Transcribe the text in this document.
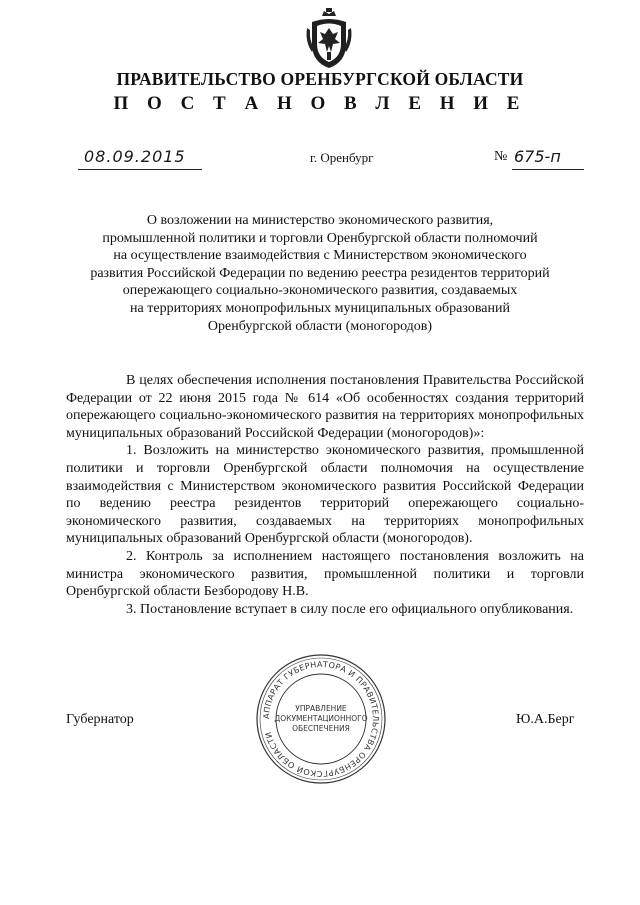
ПРАВИТЕЛЬСТВО ОРЕНБУРГСКОЙ ОБЛАСТИ
П О С Т А Н О В Л Е Н И Е
08.09.2015	г. Оренбург	№ 675-п
О возложении на министерство экономического развития,
промышленной политики и торговли Оренбургской области полномочий
на осуществление взаимодействия с Министерством экономического
развития Российской Федерации по ведению реестра резидентов территорий
опережающего социально-экономического развития, создаваемых
на территориях монопрофильных муниципальных образований
Оренбургской области (моногородов)

В целях обеспечения исполнения постановления Правительства Российской Федерации от 22 июня 2015 года № 614 «Об особенностях создания территорий опережающего социально-экономического развития на территориях монопрофильных муниципальных образований Российской Федерации (моногородов)»:

1. Возложить на министерство экономического развития, промышленной политики и торговли Оренбургской области полномочия на осуществление взаимодействия с Министерством экономического развития Российской Федерации по ведению реестра резидентов территорий опережающего социально-экономического развития, создаваемых на территориях монопрофильных муниципальных образований Оренбургской области (моногородов).

2. Контроль за исполнением настоящего постановления возложить на министра экономического развития, промышленной политики и торговли Оренбургской области Безбородову Н.В.

3. Постановление вступает в силу после его официального опубликования.

Губернатор	Ю.А.Берг
АППАРАТ ГУБЕРНАТОРА И ПРАВИТЕЛЬСТВА ОРЕНБУРГСКОЙ ОБЛАСТИ
УПРАВЛЕНИЕ
ДОКУМЕНТАЦИОННОГО
ОБЕСПЕЧЕНИЯ
